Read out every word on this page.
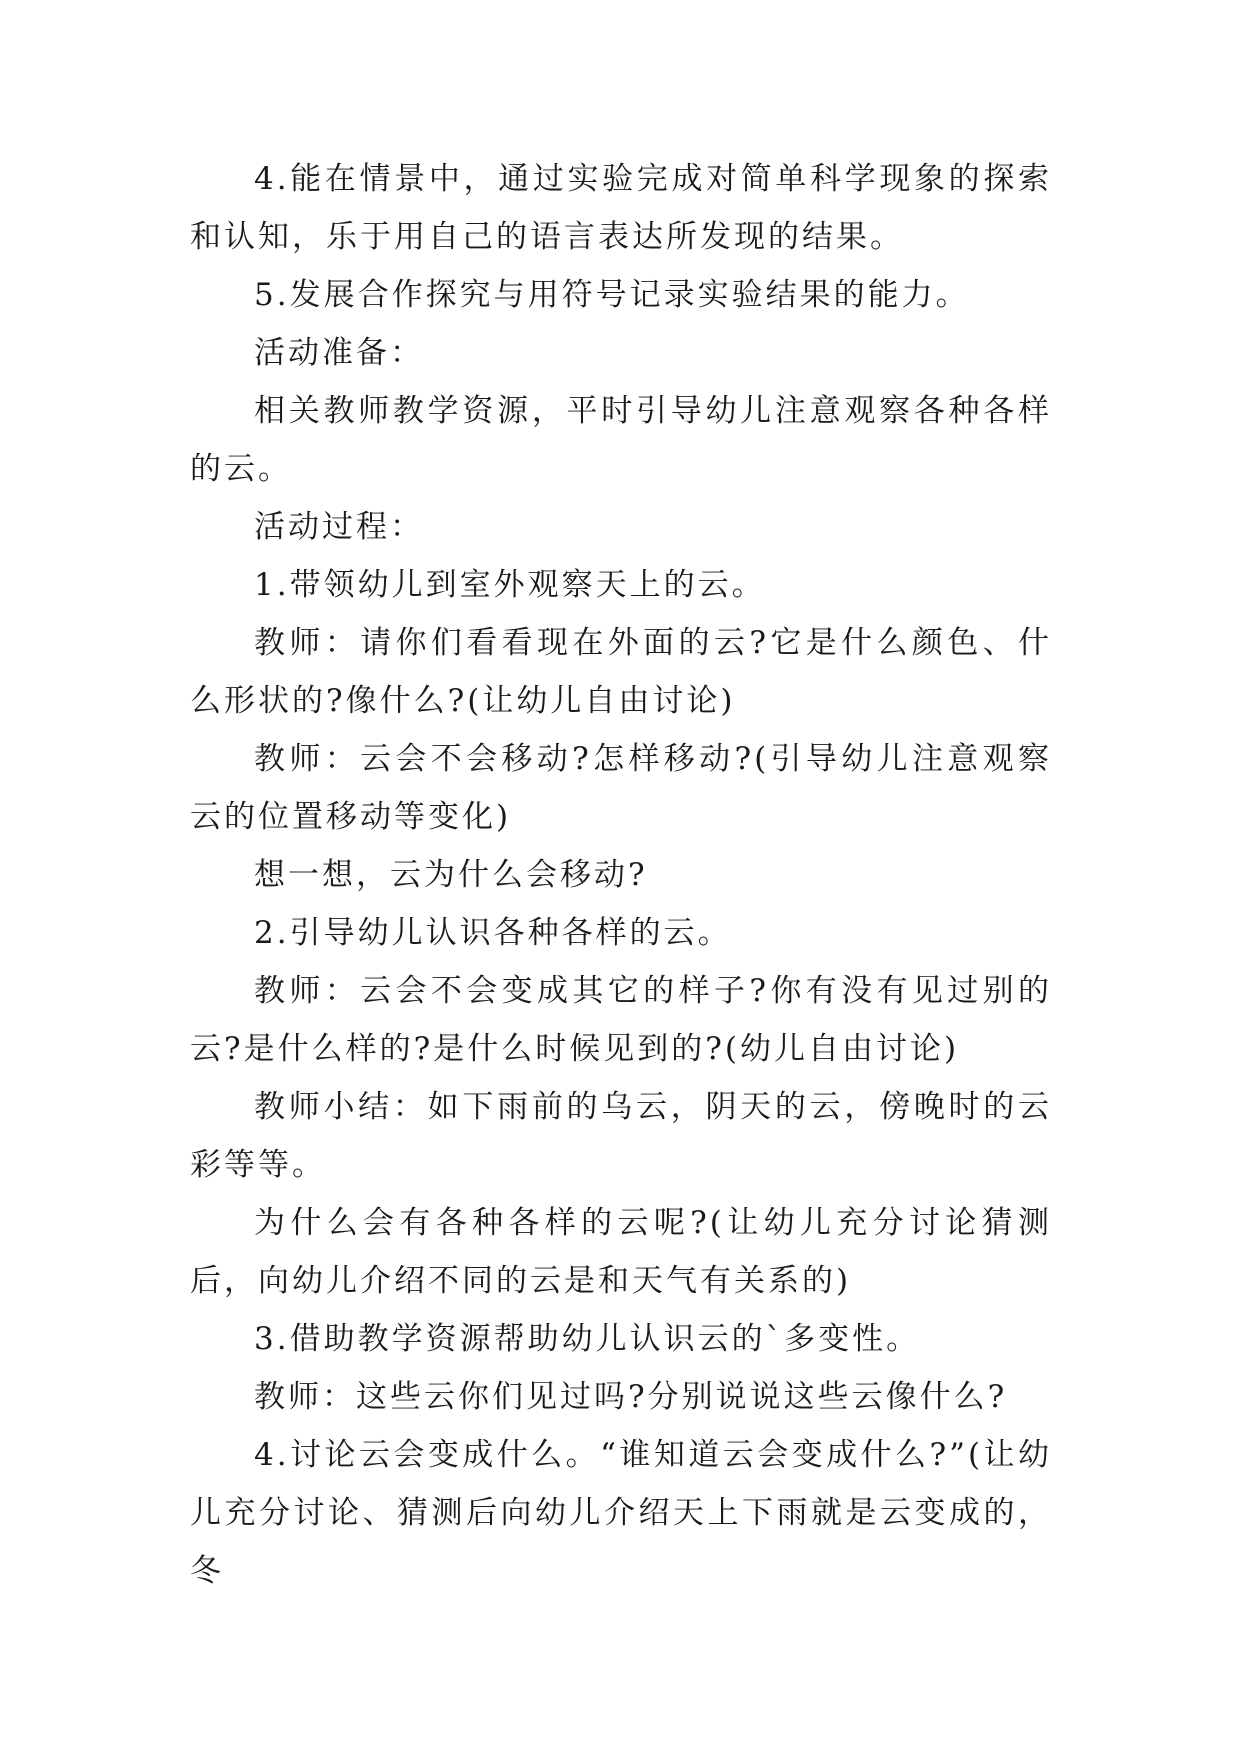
4.能在情景中，通过实验完成对简单科学现象的探索和认知，乐于用自己的语言表达所发现的结果。

5.发展合作探究与用符号记录实验结果的能力。

活动准备：

相关教师教学资源，平时引导幼儿注意观察各种各样的云。

活动过程：

1.带领幼儿到室外观察天上的云。

教师：请你们看看现在外面的云?它是什么颜色、什么形状的?像什么?(让幼儿自由讨论)

教师：云会不会移动?怎样移动?(引导幼儿注意观察云的位置移动等变化)

想一想，云为什么会移动?

2.引导幼儿认识各种各样的云。

教师：云会不会变成其它的样子?你有没有见过别的云?是什么样的?是什么时候见到的?(幼儿自由讨论)

教师小结：如下雨前的乌云，阴天的云，傍晚时的云彩等等。

为什么会有各种各样的云呢?(让幼儿充分讨论猜测后，向幼儿介绍不同的云是和天气有关系的)

3.借助教学资源帮助幼儿认识云的`多变性。

教师：这些云你们见过吗?分别说说这些云像什么?

4.讨论云会变成什么。“谁知道云会变成什么?”(让幼儿充分讨论、猜测后向幼儿介绍天上下雨就是云变成的，冬
